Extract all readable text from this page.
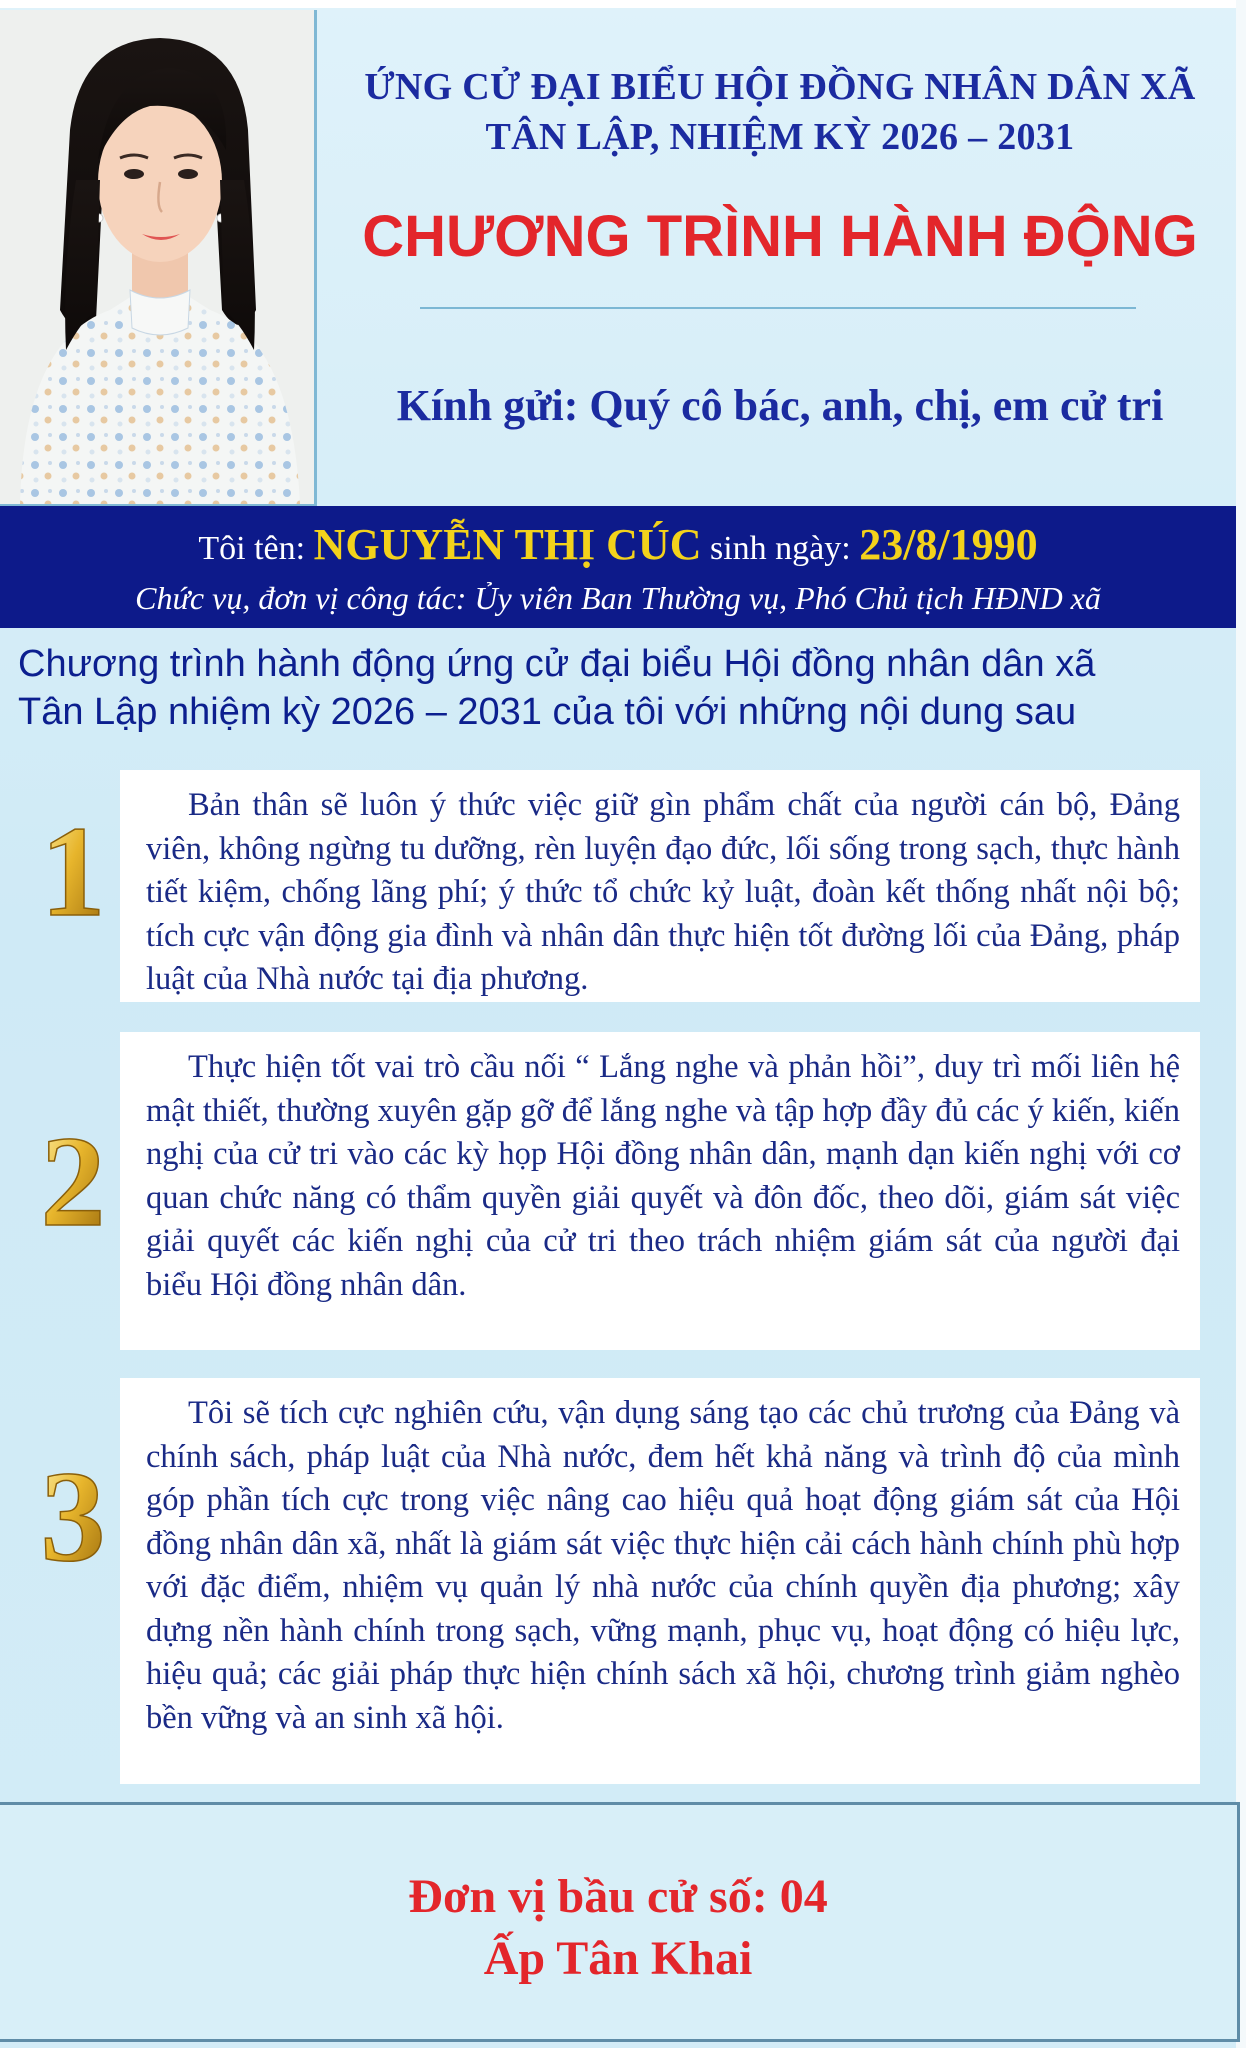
ỨNG CỬ ĐẠI BIỂU HỘI ĐỒNG NHÂN DÂN XÃ
TÂN LẬP, NHIỆM KỲ 2026 – 2031
CHƯƠNG TRÌNH HÀNH ĐỘNG
Kính gửi: Quý cô bác, anh, chị, em cử tri
Tôi tên: NGUYỄN THỊ CÚC sinh ngày: 23/8/1990
Chức vụ, đơn vị công tác: Ủy viên Ban Thường vụ, Phó Chủ tịch HĐND xã
Chương trình hành động ứng cử đại biểu Hội đồng nhân dân xã
Tân Lập nhiệm kỳ 2026 – 2031 của tôi với những nội dung sau
1	Bản thân sẽ luôn ý thức việc giữ gìn phẩm chất của người cán bộ, Đảng viên, không ngừng tu dưỡng, rèn luyện đạo đức, lối sống trong sạch, thực hành tiết kiệm, chống lãng phí; ý thức tổ chức kỷ luật, đoàn kết thống nhất nội bộ; tích cực vận động gia đình và nhân dân thực hiện tốt đường lối của Đảng, pháp luật của Nhà nước tại địa phương.

2

Thực hiện tốt vai trò cầu nối “ Lắng nghe và phản hồi”, duy trì mối liên hệ mật thiết, thường xuyên gặp gỡ để lắng nghe và tập hợp đầy đủ các ý kiến, kiến nghị của cử tri vào các kỳ họp Hội đồng nhân dân, mạnh dạn kiến nghị với cơ quan chức năng có thẩm quyền giải quyết và đôn đốc, theo dõi, giám sát việc giải quyết các kiến nghị của cử tri theo trách nhiệm giám sát của người đại biểu Hội đồng nhân dân.

3

Tôi sẽ tích cực nghiên cứu, vận dụng sáng tạo các chủ trương của Đảng và chính sách, pháp luật của Nhà nước, đem hết khả năng và trình độ của mình góp phần tích cực trong việc nâng cao hiệu quả hoạt động giám sát của Hội đồng nhân dân xã, nhất là giám sát việc thực hiện cải cách hành chính phù hợp với đặc điểm, nhiệm vụ quản lý nhà nước của chính quyền địa phương; xây dựng nền hành chính trong sạch, vững mạnh, phục vụ, hoạt động có hiệu lực, hiệu quả; các giải pháp thực hiện chính sách xã hội, chương trình giảm nghèo bền vững và an sinh xã hội.

Đơn vị bầu cử số: 04
Ấp Tân Khai
